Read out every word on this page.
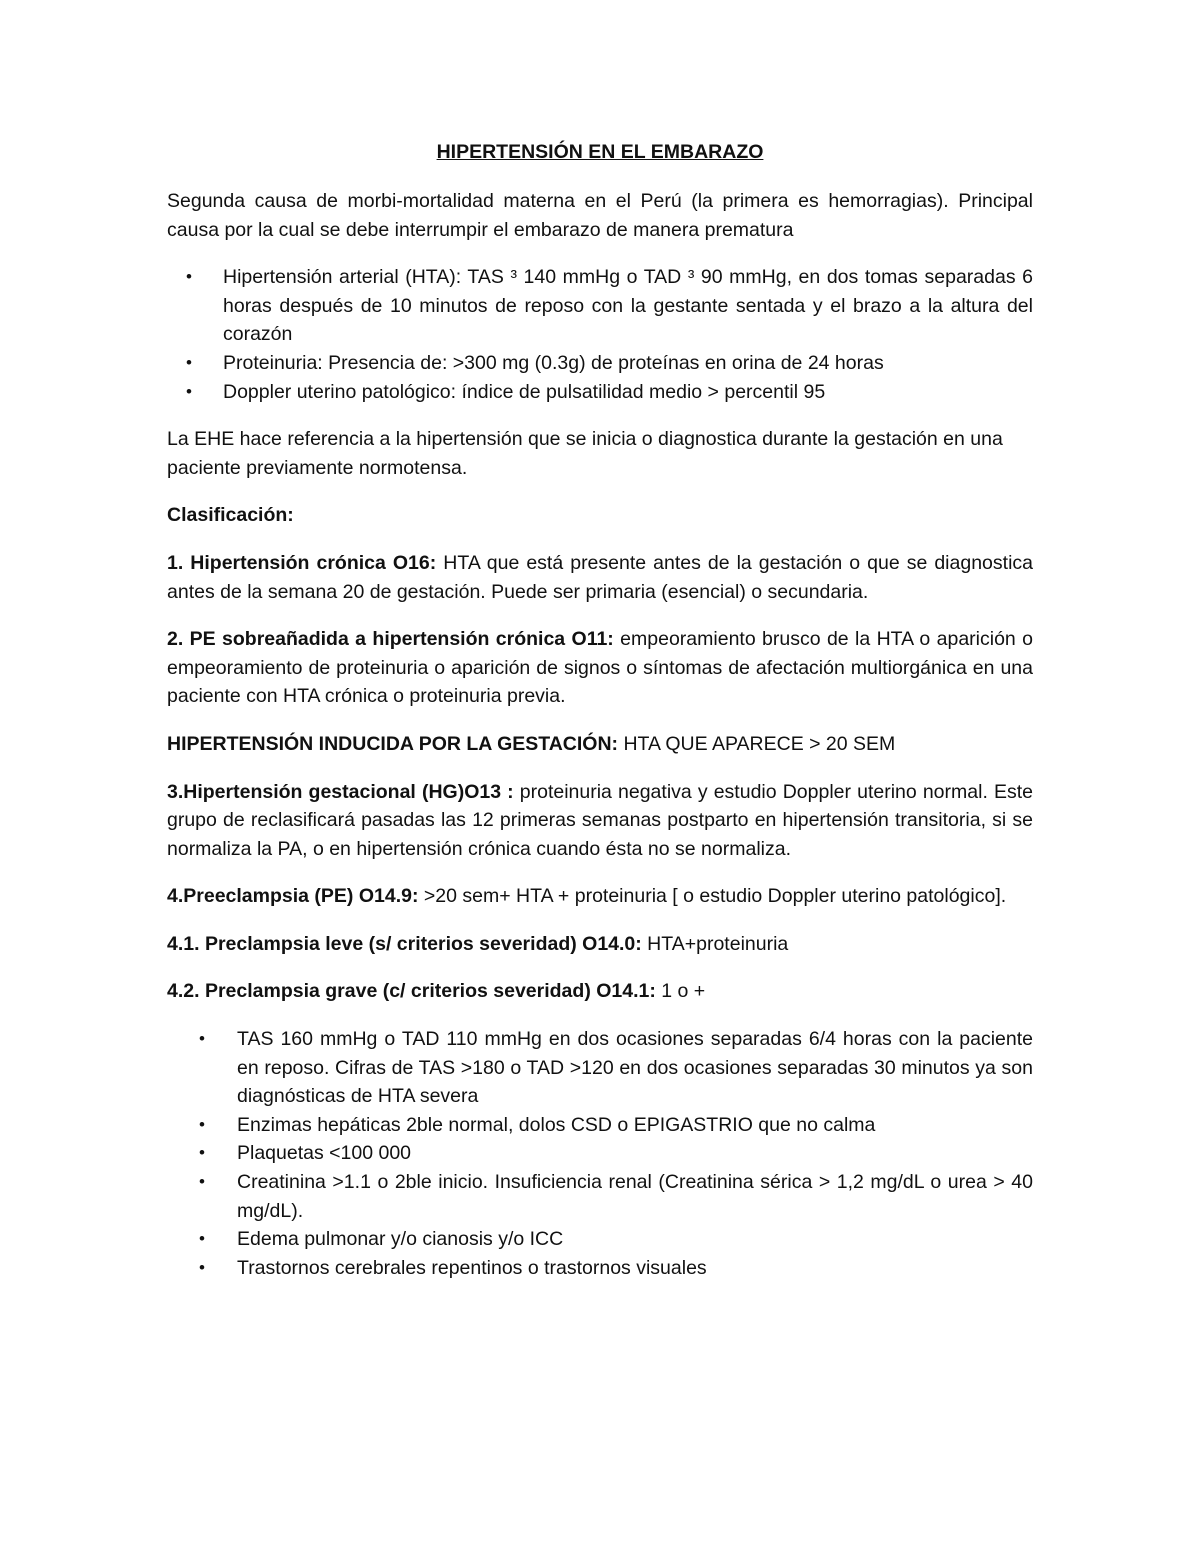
HIPERTENSIÓN EN EL EMBARAZO

Segunda causa de morbi-mortalidad materna en el Perú (la primera es hemorragias). Principal causa por la cual se debe interrumpir el embarazo de manera prematura

• Hipertensión arterial (HTA): TAS ³ 140 mmHg o TAD ³ 90 mmHg, en dos tomas separadas 6 horas después de 10 minutos de reposo con la gestante sentada y el brazo a la altura del corazón
• Proteinuria: Presencia de: >300 mg (0.3g) de proteínas en orina de 24 horas
• Doppler uterino patológico: índice de pulsatilidad medio > percentil 95

La EHE hace referencia a la hipertensión que se inicia o diagnostica durante la gestación en una paciente previamente normotensa.

Clasificación:

1. Hipertensión crónica O16: HTA que está presente antes de la gestación o que se diagnostica antes de la semana 20 de gestación. Puede ser primaria (esencial) o secundaria.

2. PE sobreañadida a hipertensión crónica O11: empeoramiento brusco de la HTA o aparición o empeoramiento de proteinuria o aparición de signos o síntomas de afectación multiorgánica en una paciente con HTA crónica o proteinuria previa.

HIPERTENSIÓN INDUCIDA POR LA GESTACIÓN: HTA QUE APARECE > 20 SEM

3.Hipertensión gestacional (HG)O13 : proteinuria negativa y estudio Doppler uterino normal. Este grupo de reclasificará pasadas las 12 primeras semanas postparto en hipertensión transitoria, si se normaliza la PA, o en hipertensión crónica cuando ésta no se normaliza.

4.Preeclampsia (PE) O14.9: >20 sem+ HTA + proteinuria [ o estudio Doppler uterino patológico].

4.1. Preclampsia leve (s/ criterios severidad) O14.0: HTA+proteinuria

4.2. Preclampsia grave (c/ criterios severidad) O14.1: 1 o +

• TAS 160 mmHg o TAD 110 mmHg en dos ocasiones separadas 6/4 horas con la paciente en reposo. Cifras de TAS >180 o TAD >120 en dos ocasiones separadas 30 minutos ya son diagnósticas de HTA severa
• Enzimas hepáticas 2ble normal, dolos CSD o EPIGASTRIO que no calma
• Plaquetas <100 000
• Creatinina >1.1 o 2ble inicio. Insuficiencia renal (Creatinina sérica > 1,2 mg/dL o urea > 40 mg/dL).
• Edema pulmonar y/o cianosis y/o ICC
• Trastornos cerebrales repentinos o trastornos visuales
